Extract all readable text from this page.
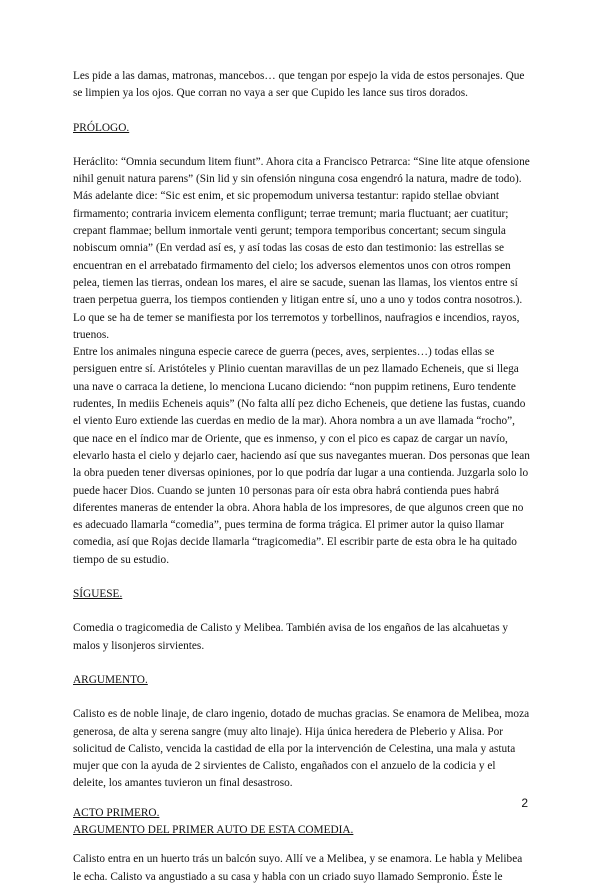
Les pide a las damas, matronas, mancebos… que tengan por espejo la vida de estos personajes. Que se limpien ya los ojos. Que corran no vaya a ser que Cupido les lance sus tiros dorados.

PRÓLOGO.

Heráclito: “Omnia secundum litem fiunt”. Ahora cita a Francisco Petrarca: “Sine lite atque ofensione nihil genuit natura parens” (Sin lid y sin ofensión ninguna cosa engendró la natura, madre de todo). Más adelante dice: “Sic est enim, et sic propemodum universa testantur: rapido stellae obviant firmamento; contraria invicem elementa confligunt; terrae tremunt; maria fluctuant; aer cuatitur; crepant flammae; bellum inmortale venti gerunt; tempora temporibus concertant; secum singula nobiscum omnia” (En verdad así es, y así todas las cosas de esto dan testimonio: las estrellas se encuentran en el arrebatado firmamento del cielo; los adversos elementos unos con otros rompen pelea, tiemen las tierras, ondean los mares, el aire se sacude, suenan las llamas, los vientos entre sí traen perpetua guerra, los tiempos contienden y litigan entre sí, uno a uno y todos contra nosotros.). Lo que se ha de temer se manifiesta por los terremotos y torbellinos, naufragios e incendios, rayos, truenos.

Entre los animales ninguna especie carece de guerra (peces, aves, serpientes…) todas ellas se persiguen entre sí. Aristóteles y Plinio cuentan maravillas de un pez llamado Echeneis, que si llega una nave o carraca la detiene, lo menciona Lucano diciendo: “non puppim retinens, Euro tendente rudentes, In mediis Echeneis aquis” (No falta allí pez dicho Echeneis, que detiene las fustas, cuando el viento Euro extiende las cuerdas en medio de la mar). Ahora nombra a un ave llamada “rocho”, que nace en el índico mar de Oriente, que es inmenso, y con el pico es capaz de cargar un navío, elevarlo hasta el cielo y dejarlo caer, haciendo así que sus navegantes mueran. Dos personas que lean la obra pueden tener diversas opiniones, por lo que podría dar lugar a una contienda. Juzgarla solo lo puede hacer Dios. Cuando se junten 10 personas para oír esta obra habrá contienda pues habrá diferentes maneras de entender la obra. Ahora habla de los impresores, de que algunos creen que no es adecuado llamarla “comedia”, pues termina de forma trágica. El primer autor la quiso llamar comedia, así que Rojas decide llamarla “tragicomedia”. El escribir parte de esta obra le ha quitado tiempo de su estudio.

SÍGUESE.

Comedia o tragicomedia de Calisto y Melibea. También avisa de los engaños de las alcahuetas y malos y lisonjeros sirvientes.

ARGUMENTO.

Calisto es de noble linaje, de claro ingenio, dotado de muchas gracias. Se enamora de Melibea, moza generosa, de alta y serena sangre (muy alto linaje). Hija única heredera de Pleberio y Alisa. Por solicitud de Calisto, vencida la castidad de ella por la intervención de Celestina, una mala y astuta mujer que con la ayuda de 2 sirvientes de Calisto, engañados con el anzuelo de la codicia y el deleite, los amantes tuvieron un final desastroso.

ACTO PRIMERO.

ARGUMENTO DEL PRIMER AUTO DE ESTA COMEDIA.

Calisto entra en un huerto trás un balcón suyo. Allí ve a Melibea, y se enamora. Le habla y Melibea le echa. Calisto va angustiado a su casa y habla con un criado suyo llamado Sempronio. Éste le

2
